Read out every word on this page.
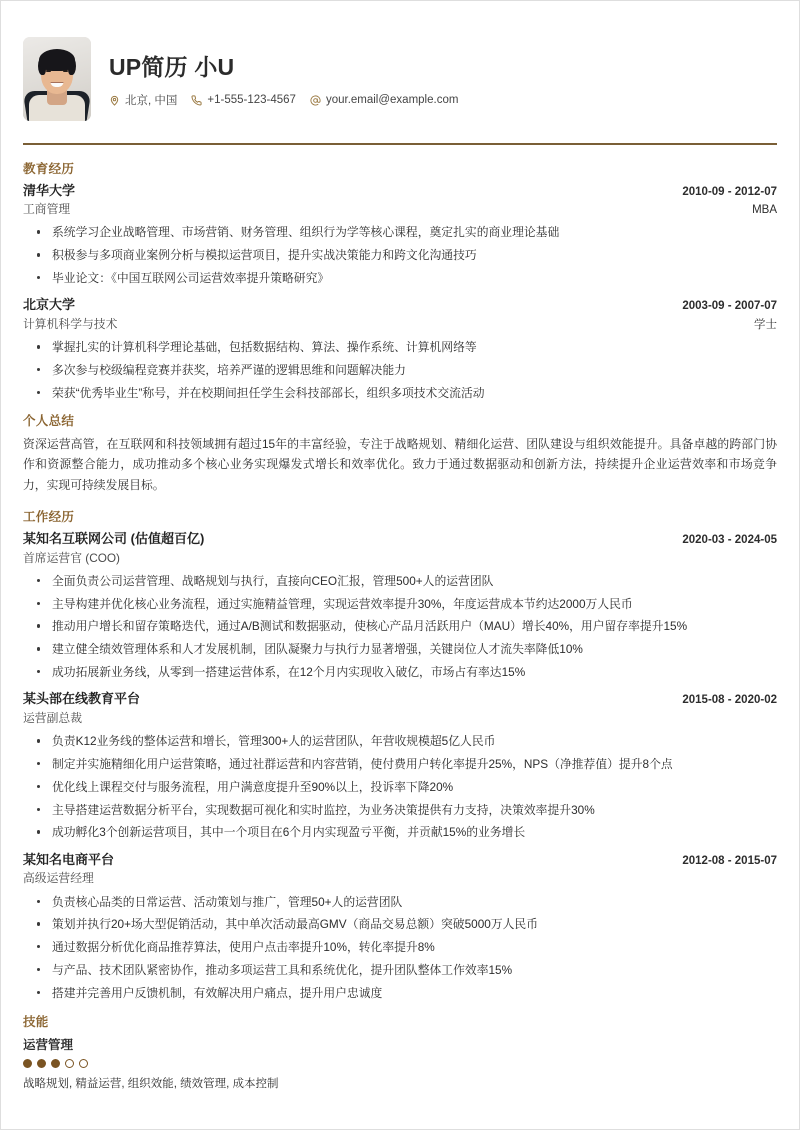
UP简历 小U
北京, 中国	+1-555-123-4567	your.email@example.com
教育经历
清华大学	2010-09 - 2012-07
工商管理	MBA
系统学习企业战略管理、市场营销、财务管理、组织行为学等核心课程，奠定扎实的商业理论基础
积极参与多项商业案例分析与模拟运营项目，提升实战决策能力和跨文化沟通技巧
毕业论文：《中国互联网公司运营效率提升策略研究》
北京大学	2003-09 - 2007-07
计算机科学与技术	学士
掌握扎实的计算机科学理论基础，包括数据结构、算法、操作系统、计算机网络等
多次参与校级编程竞赛并获奖，培养严谨的逻辑思维和问题解决能力
荣获“优秀毕业生”称号，并在校期间担任学生会科技部部长，组织多项技术交流活动
个人总结
资深运营高管，在互联网和科技领域拥有超过15年的丰富经验，专注于战略规划、精细化运营、团队建设与组织效能提升。具备卓越的跨部门协作和资源整合能力，成功推动多个核心业务实现爆发式增长和效率优化。致力于通过数据驱动和创新方法，持续提升企业运营效率和市场竞争力，实现可持续发展目标。
工作经历
某知名互联网公司 (估值超百亿)	2020-03 - 2024-05
首席运营官 (COO)
全面负责公司运营管理、战略规划与执行，直接向CEO汇报，管理500+人的运营团队
主导构建并优化核心业务流程，通过实施精益管理，实现运营效率提升30%，年度运营成本节约达2000万人民币
推动用户增长和留存策略迭代，通过A/B测试和数据驱动，使核心产品月活跃用户（MAU）增长40%，用户留存率提升15%
建立健全绩效管理体系和人才发展机制，团队凝聚力与执行力显著增强，关键岗位人才流失率降低10%
成功拓展新业务线，从零到一搭建运营体系，在12个月内实现收入破亿，市场占有率达15%
某头部在线教育平台	2015-08 - 2020-02
运营副总裁
负责K12业务线的整体运营和增长，管理300+人的运营团队，年营收规模超5亿人民币
制定并实施精细化用户运营策略，通过社群运营和内容营销，使付费用户转化率提升25%，NPS（净推荐值）提升8个点
优化线上课程交付与服务流程，用户满意度提升至90%以上，投诉率下降20%
主导搭建运营数据分析平台，实现数据可视化和实时监控，为业务决策提供有力支持，决策效率提升30%
成功孵化3个创新运营项目，其中一个项目在6个月内实现盈亏平衡，并贡献15%的业务增长
某知名电商平台	2012-08 - 2015-07
高级运营经理
负责核心品类的日常运营、活动策划与推广，管理50+人的运营团队
策划并执行20+场大型促销活动，其中单次活动最高GMV（商品交易总额）突破5000万人民币
通过数据分析优化商品推荐算法，使用户点击率提升10%，转化率提升8%
与产品、技术团队紧密协作，推动多项运营工具和系统优化，提升团队整体工作效率15%
搭建并完善用户反馈机制，有效解决用户痛点，提升用户忠诚度
技能
运营管理
战略规划, 精益运营, 组织效能, 绩效管理, 成本控制
